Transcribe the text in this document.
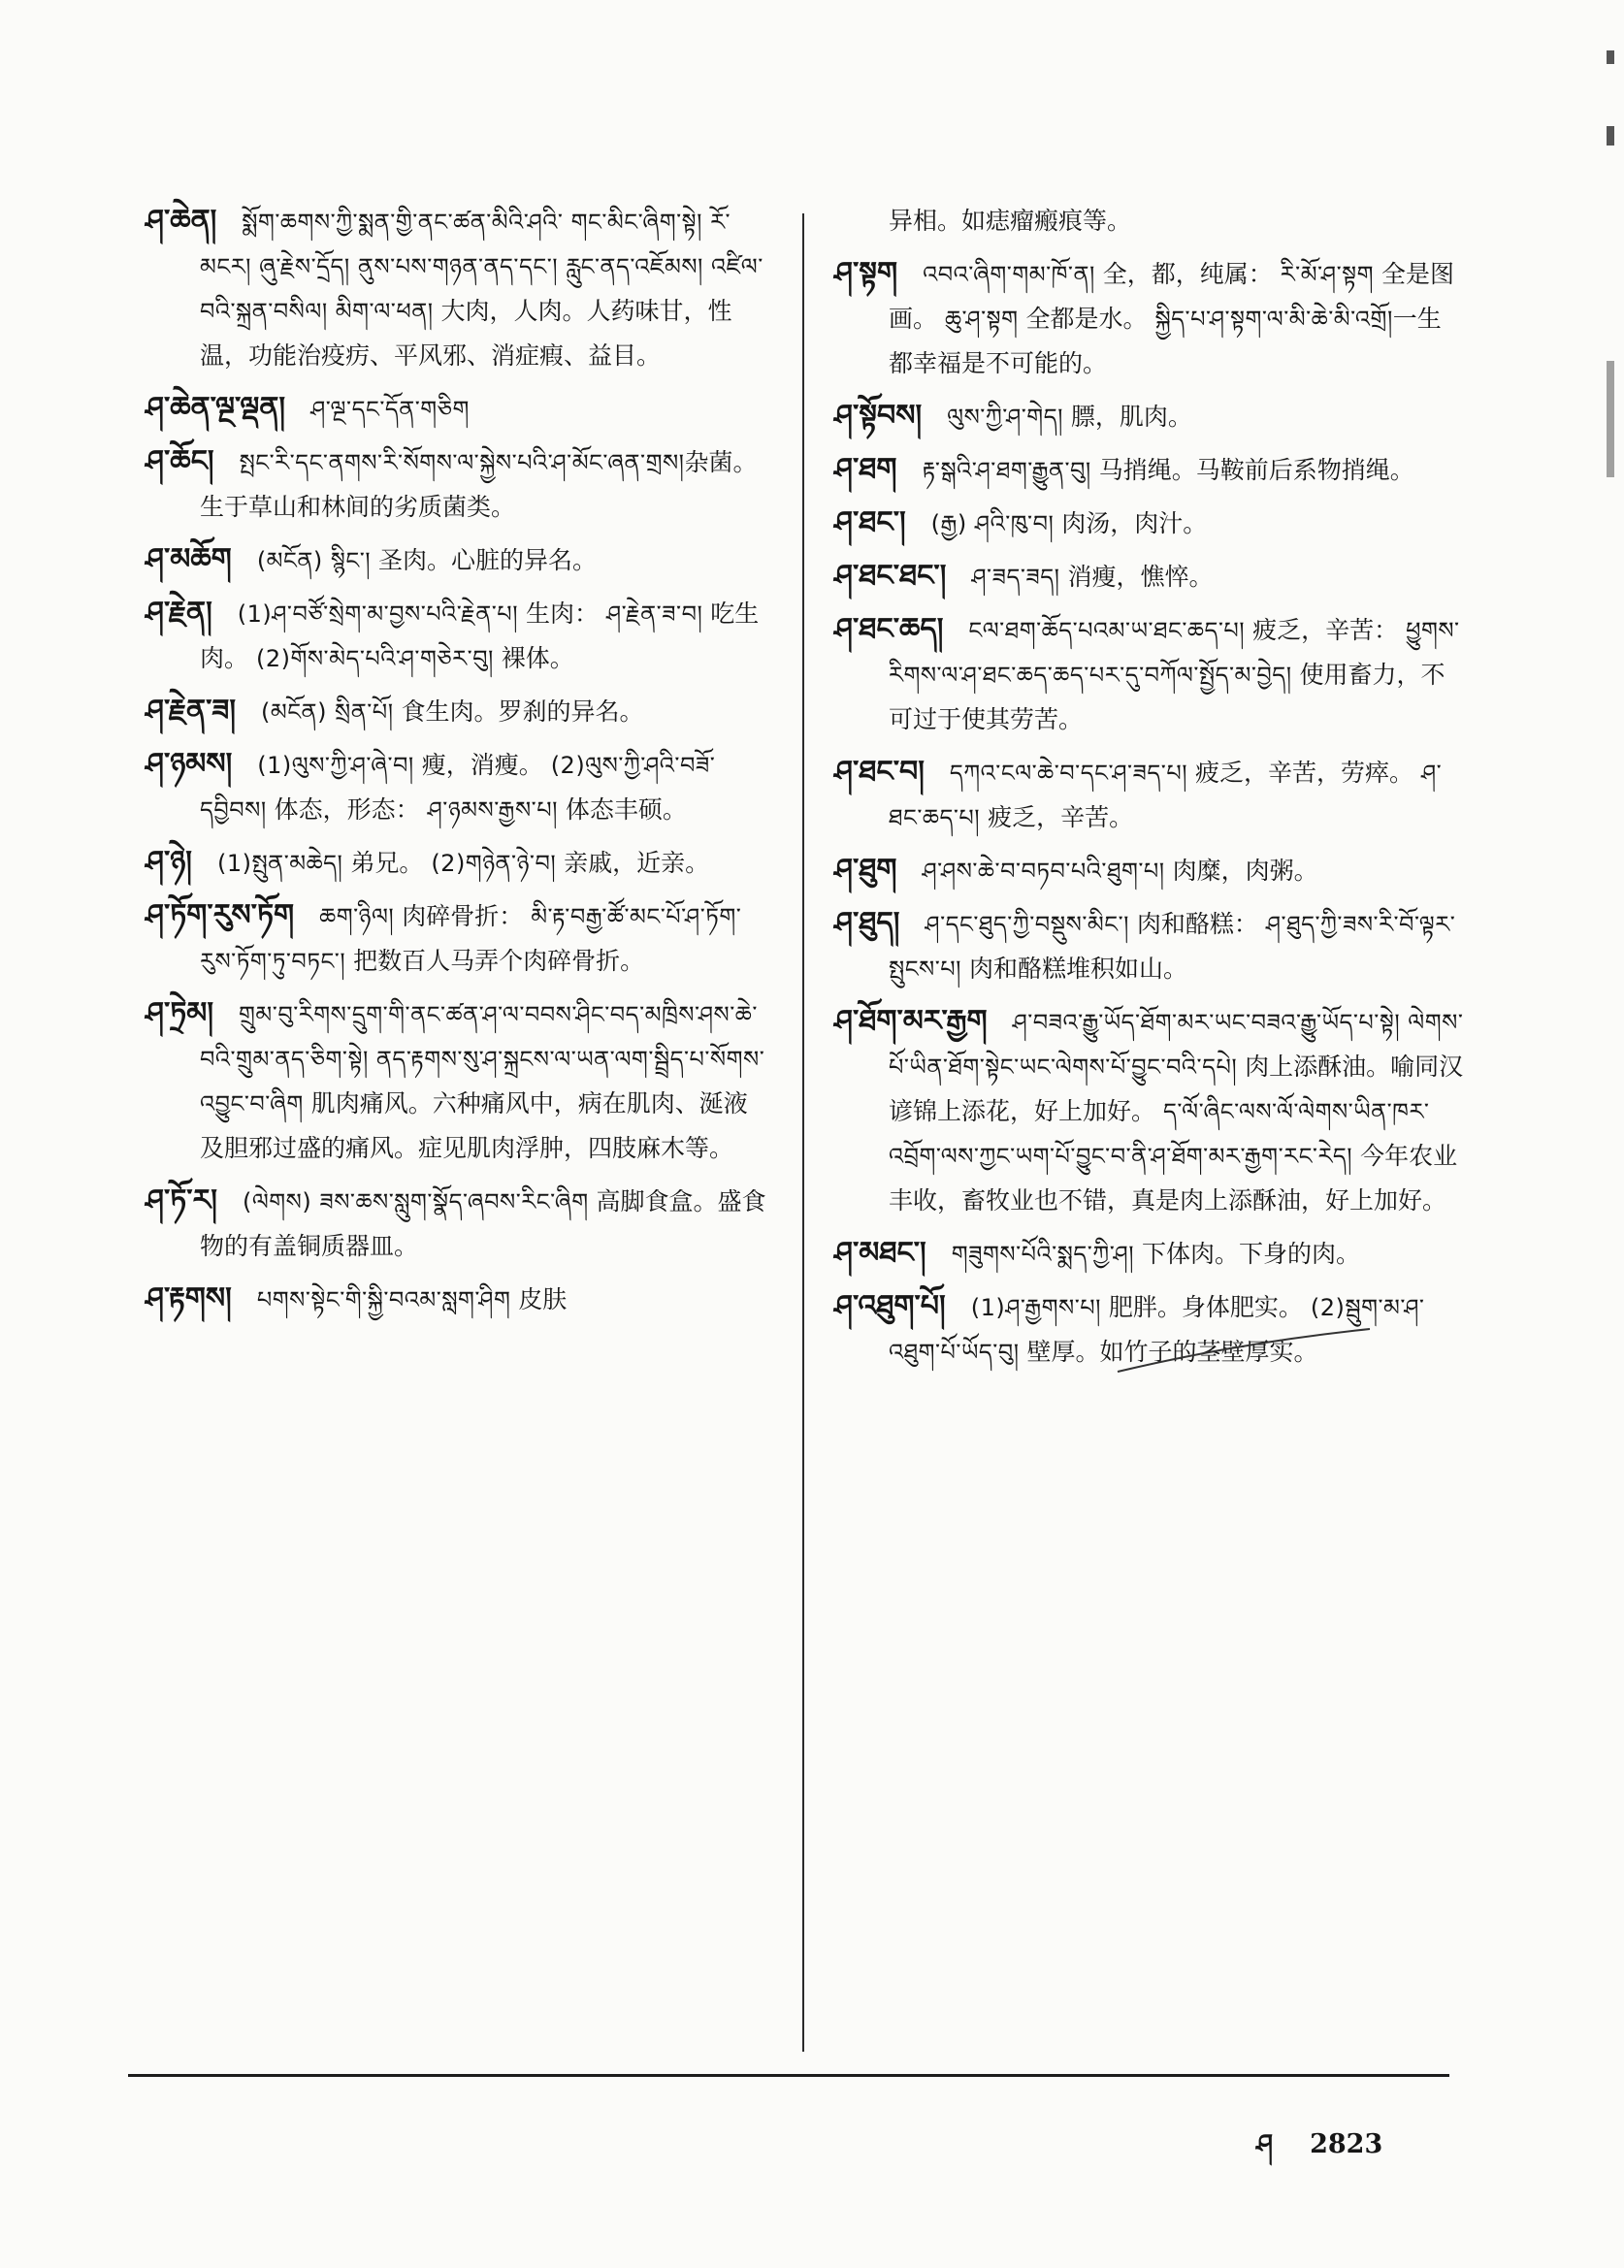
ཤ་ཆེན། སྨོག་ཆགས་ཀྱི་སྨན་གྱི་ནང་ཚན་མིའི་ཤའི་ གང་མིང་ཞིག་སྟེ། རོ་མངར། ཞུ་རྗེས་དྲོད། ནུས་པས་གཉན་ནད་དང་། རླུང་ནད་འཇོམས། འཛིལ་བའི་སྐྲན་བསིལ། མིག་ལ་ཕན། 大肉，人肉。人药味甘，性温，功能治疫疠、平风邪、消症瘕、益目。

ཤ་ཆེན་ལྔ་ལྡན། ཤ་ལྔ་དང་དོན་གཅིག

ཤ་ཆོང། སྤང་རི་དང་ནགས་རི་སོགས་ལ་སྐྱེས་པའི་ཤ་མོང་ཞན་གྲས།杂菌。生于草山和林间的劣质菌类。

ཤ་མཆོག (མངོན) སྙིང་། 圣肉。心脏的异名。

ཤ་རྗེན། (1)ཤ་བཙོ་སྲེག་མ་བྱས་པའི་རྗེན་པ། 生肉： ཤ་རྗེན་ཟ་བ། 吃生肉。 (2)གོས་མེད་པའི་ཤ་གཅེར་བུ། 裸体。

ཤ་རྗེན་ཟ། (མངོན) སྲིན་པོ། 食生肉。罗刹的异名。

ཤ་ཉམས། (1)ལུས་ཀྱི་ཤ་ཞེ་བ། 瘦，消瘦。 (2)ལུས་ཀྱི་ཤའི་བཟོ་དབྱིབས། 体态，形态： ཤ་ཉམས་རྒྱས་པ། 体态丰硕。

ཤ་ཉེ། (1)སྤུན་མཆེད། 弟兄。 (2)གཉེན་ཉེ་བ། 亲戚，近亲。

ཤ་ཏོག་རུས་ཏོག ཆག་ཉིལ། 肉碎骨折： མི་རྟ་བརྒྱ་ཚོ་མང་པོ་ཤ་ཏོག་རུས་ཏོག་ཏུ་བཏང་། 把数百人马弄个肉碎骨折。

ཤ་ཏྲེམ། གྲུམ་བུ་རིགས་དྲུག་གི་ནང་ཚན་ཤ་ལ་བབས་ཤིང་བད་མཁྲིས་ཤས་ཆེ་བའི་གྲུམ་ནད་ཅིག་སྟེ། ནད་རྟགས་སུ་ཤ་སྐྲངས་ལ་ཡན་ལག་སྦྲིད་པ་སོགས་འབྱུང་བ་ཞིག 肌肉痛风。六种痛风中，病在肌肉、涎液及胆邪过盛的痛风。症见肌肉浮肿，四肢麻木等。

ཤ་ཏོ་ར། (ལེགས) ཟས་ཆས་སླུག་སྣོད་ཞབས་རིང་ཞིག 高脚食盒。盛食物的有盖铜质器皿。

ཤ་རྟགས། པགས་སྟེང་གི་སྐྱི་བའམ་སླག་ཤིག 皮肤

异相。如痣瘤瘢痕等。

ཤ་སྟག འབའ་ཞིག་གམ་ཁོ་ན། 全，都，纯属： རི་མོ་ཤ་སྟག 全是图画。 ཆུ་ཤ་སྟག 全都是水。 སྐྱིད་པ་ཤ་སྟག་ལ་མི་ཆེ་མི་འགྲོ།一生都幸福是不可能的。

ཤ་སྟོབས། ལུས་ཀྱི་ཤ་གེད། 膘，肌肉。

ཤ་ཐག རྟ་སྒའི་ཤ་ཐག་རྒྱུན་བུ། 马捎绳。马鞍前后系物捎绳。

ཤ་ཐང་། (རྒྱ) ཤའི་ཁུ་བ། 肉汤，肉汁。

ཤ་ཐང་ཐང་། ཤ་ཟད་ཟད། 消瘦，憔悴。

ཤ་ཐང་ཆད། ངལ་ཐག་ཆོད་པའམ་ཡ་ཐང་ཆད་པ། 疲乏，辛苦： ཕྱུགས་རིགས་ལ་ཤ་ཐང་ཆད་ཆད་པར་དུ་བཀོལ་སྤྱོད་མ་བྱེད། 使用畜力，不可过于使其劳苦。

ཤ་ཐང་བ། དཀའ་ངལ་ཆེ་བ་དང་ཤ་ཟད་པ། 疲乏，辛苦，劳瘁。 ཤ་ཐང་ཆད་པ། 疲乏，辛苦。

ཤ་ཐུག ཤ་ཤས་ཆེ་བ་བཏབ་པའི་ཐུག་པ། 肉糜，肉粥。

ཤ་ཐུད། ཤ་དང་ཐུད་ཀྱི་བསྡུས་མིང་། 肉和酪糕： ཤ་ཐུད་ཀྱི་ཟས་རི་བོ་ལྟར་སྤུངས་པ། 肉和酪糕堆积如山。

ཤ་ཐོག་མར་རྒྱག ཤ་བཟའ་རྒྱུ་ཡོད་ཐོག་མར་ཡང་བཟའ་རྒྱུ་ཡོད་པ་སྟེ། ལེགས་པོ་ཡིན་ཐོག་སྟེང་ཡང་ལེགས་པོ་བྱུང་བའི་དཔེ། 肉上添酥油。喻同汉谚锦上添花，好上加好。 ད་ལོ་ཞིང་ལས་ལོ་ལེགས་ཡིན་ཁར་འབྲོག་ལས་ཀྱང་ཡག་པོ་བྱུང་བ་ནི་ཤ་ཐོག་མར་རྒྱག་རང་རེད། 今年农业丰收，畜牧业也不错，真是肉上添酥油，好上加好。

ཤ་མཐང་། གཟུགས་པོའི་སྨད་ཀྱི་ཤ། 下体肉。下身的肉。

ཤ་འཐུག་པོ། (1)ཤ་རྒྱགས་པ། 肥胖。身体肥实。 (2)སྦུག་མ་ཤ་འཐུག་པོ་ཡོད་བུ། 壁厚。如竹子的茎壁厚实。

ཤ 2823
